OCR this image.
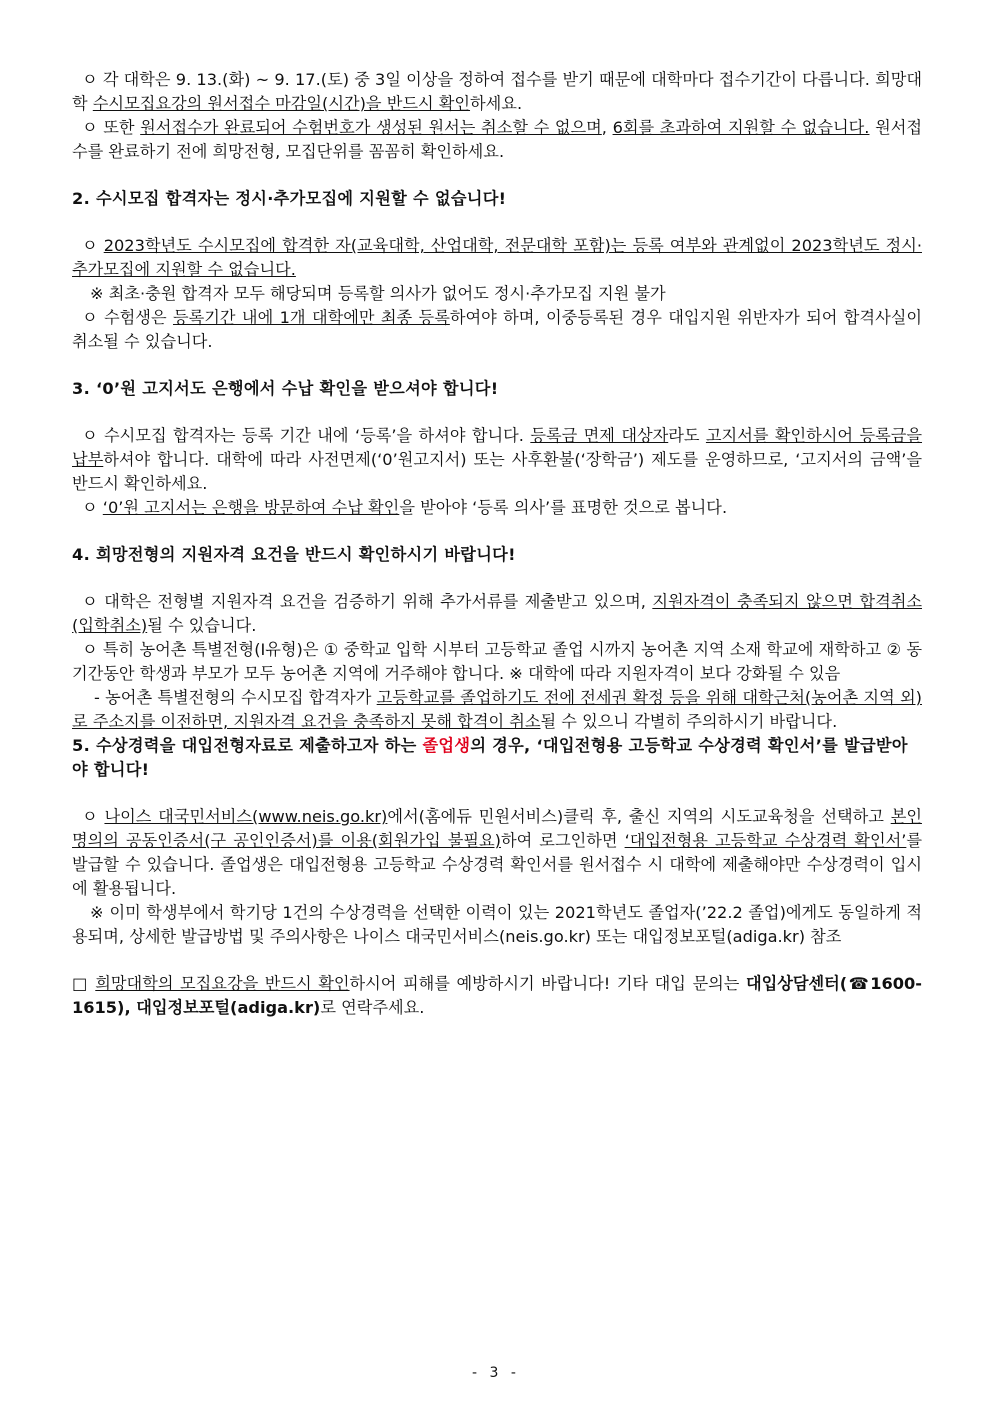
ㅇ 각 대학은 9. 13.(화) ~ 9. 17.(토) 중 3일 이상을 정하여 접수를 받기 때문에 대학마다 접수기간이 다릅니다. 희망대학 수시모집요강의 원서접수 마감일(시간)을 반드시 확인하세요.

ㅇ 또한 원서접수가 완료되어 수험번호가 생성된 원서는 취소할 수 없으며, 6회를 초과하여 지원할 수 없습니다. 원서접수를 완료하기 전에 희망전형, 모집단위를 꼼꼼히 확인하세요.

2. 수시모집 합격자는 정시·추가모집에 지원할 수 없습니다!

ㅇ 2023학년도 수시모집에 합격한 자(교육대학, 산업대학, 전문대학 포함)는 등록 여부와 관계없이 2023학년도 정시·추가모집에 지원할 수 없습니다.

※ 최초·충원 합격자 모두 해당되며 등록할 의사가 없어도 정시·추가모집 지원 불가

ㅇ 수험생은 등록기간 내에 1개 대학에만 최종 등록하여야 하며, 이중등록된 경우 대입지원 위반자가 되어 합격사실이 취소될 수 있습니다.

3. ‘0’원 고지서도 은행에서 수납 확인을 받으셔야 합니다!

ㅇ 수시모집 합격자는 등록 기간 내에 ‘등록’을 하셔야 합니다. 등록금 면제 대상자라도 고지서를 확인하시어 등록금을 납부하셔야 합니다. 대학에 따라 사전면제(‘0’원고지서) 또는 사후환불(‘장학금’) 제도를 운영하므로, ‘고지서의 금액’을 반드시 확인하세요.

ㅇ ‘0’원 고지서는 은행을 방문하여 수납 확인을 받아야 ‘등록 의사’를 표명한 것으로 봅니다.

4. 희망전형의 지원자격 요건을 반드시 확인하시기 바랍니다!

ㅇ 대학은 전형별 지원자격 요건을 검증하기 위해 추가서류를 제출받고 있으며, 지원자격이 충족되지 않으면 합격취소(입학취소)될 수 있습니다.

ㅇ 특히 농어촌 특별전형(I유형)은 ① 중학교 입학 시부터 고등학교 졸업 시까지 농어촌 지역 소재 학교에 재학하고 ② 동 기간동안 학생과 부모가 모두 농어촌 지역에 거주해야 합니다. ※ 대학에 따라 지원자격이 보다 강화될 수 있음

- 농어촌 특별전형의 수시모집 합격자가 고등학교를 졸업하기도 전에 전세권 확정 등을 위해 대학근처(농어촌 지역 외)로 주소지를 이전하면, 지원자격 요건을 충족하지 못해 합격이 취소될 수 있으니 각별히 주의하시기 바랍니다.

5. 수상경력을 대입전형자료로 제출하고자 하는 졸업생의 경우, ‘대입전형용 고등학교 수상경력 확인서’를 발급받아야 합니다!

ㅇ 나이스 대국민서비스(www.neis.go.kr)에서(홈에듀 민원서비스)클릭 후, 출신 지역의 시도교육청을 선택하고 본인 명의의 공동인증서(구 공인인증서)를 이용(회원가입 불필요)하여 로그인하면 ‘대입전형용 고등학교 수상경력 확인서’를 발급할 수 있습니다. 졸업생은 대입전형용 고등학교 수상경력 확인서를 원서접수 시 대학에 제출해야만 수상경력이 입시에 활용됩니다.

※ 이미 학생부에서 학기당 1건의 수상경력을 선택한 이력이 있는 2021학년도 졸업자(’22.2 졸업)에게도 동일하게 적용되며, 상세한 발급방법 및 주의사항은 나이스 대국민서비스(neis.go.kr) 또는 대입정보포털(adiga.kr) 참조

□ 희망대학의 모집요강을 반드시 확인하시어 피해를 예방하시기 바랍니다! 기타 대입 문의는 대입상담센터(☎1600-1615), 대입정보포털(adiga.kr)로 연락주세요.

- 3 -
